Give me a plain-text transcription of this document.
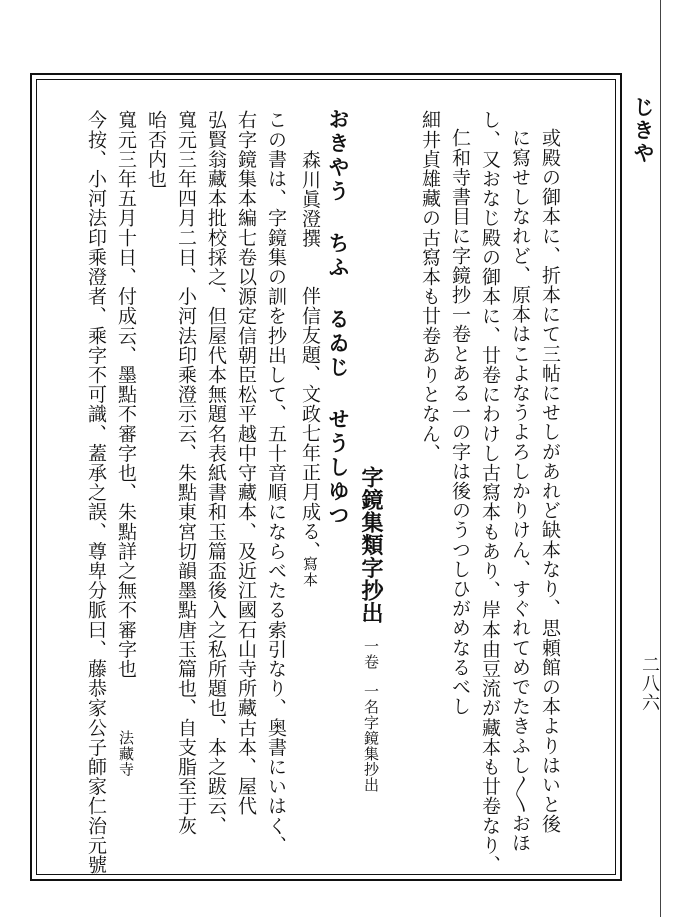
じきや
二八六
或殿の御本に、折本にて三帖にせしがあれど缺本なり、思頼館の本よりはいと後
に寫せしなれど、原本はこよなうよろしかりけん、すぐれてめでたきふし〳〵おほ
し、又おなじ殿の御本に、廿卷にわけし古寫本もあり、岸本由豆流が藏本も廿卷なり、
仁和寺書目に字鏡抄一卷とある一の字は後のうつしひがめなるべし
細井貞雄藏の古寫本も廿卷ありとなん、
字鏡集類字抄出一卷一名字鏡集抄出
おきやう ちふ るゐじ せうしゆつ
森川眞澄撰
伴信友題、文政七年正月成る、
寫本
この書は、字鏡集の訓を抄出して、五十音順にならべたる索引なり、奥書にいはく、
右字鏡集本編七卷以源定信朝臣松平越中守藏本、及近江國石山寺所藏古本、屋代
弘賢翁藏本批校採之、但屋代本無題名表紙書和玉篇盃後入之私所題也、本之跋云、
寬元三年四月二日、小河法印乘澄示云、朱點東宮切韻墨點唐玉篇也、自支脂至于灰
咍否内也
寬元三年五月十日、付成云、墨點不審字也、朱點詳之無不審字也
法藏寺
今按、小河法印乘澄者、乘字不可識、蓋承之誤、尊卑分脈曰、藤恭家公子師家仁治元號
